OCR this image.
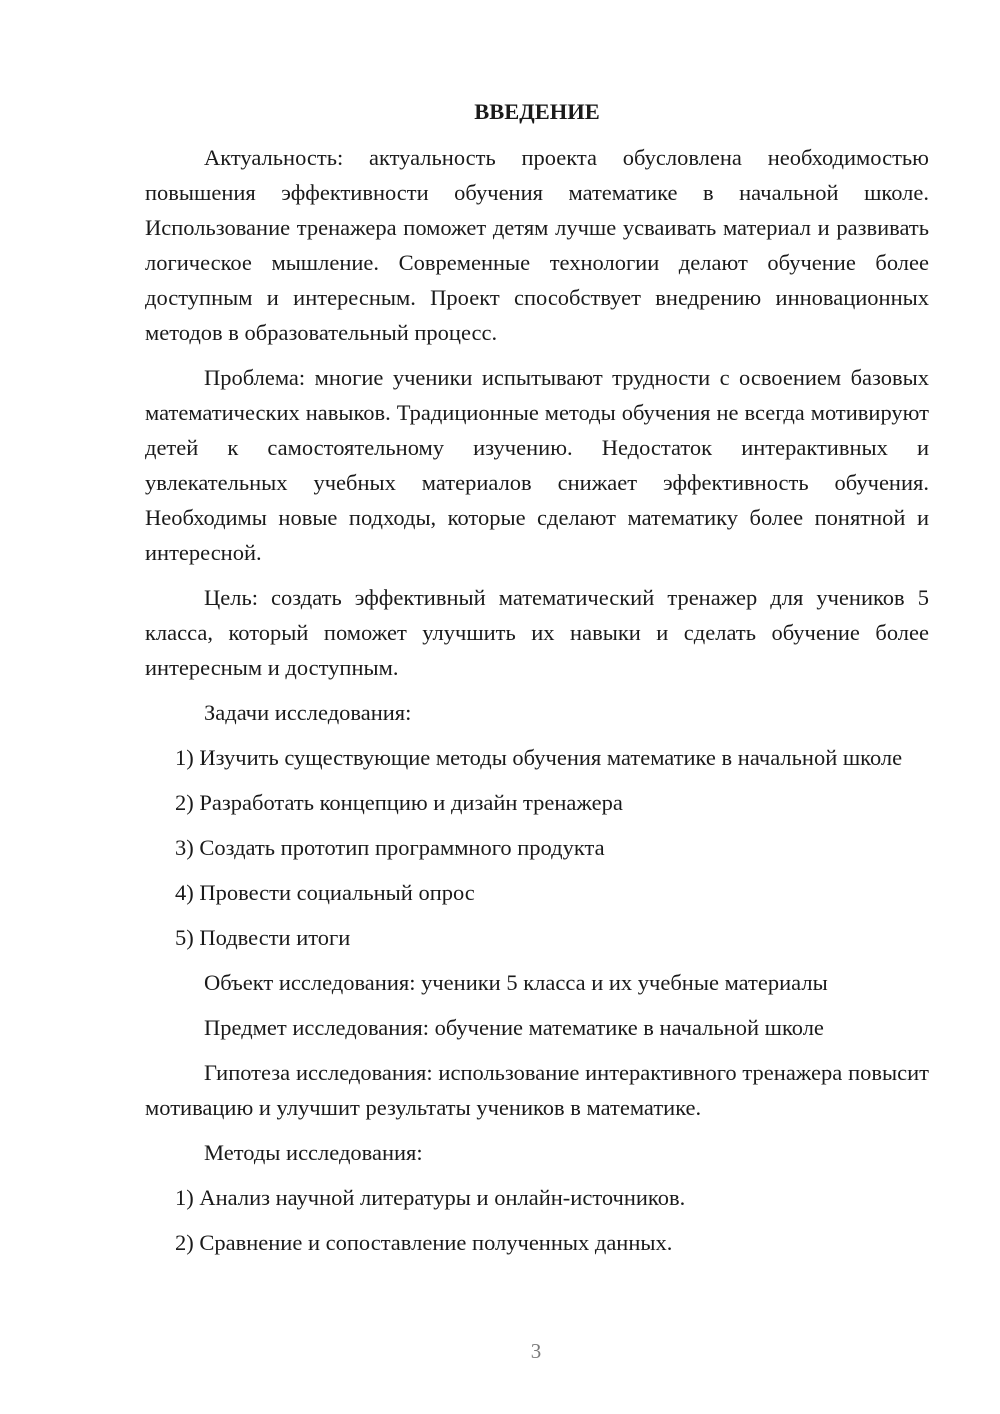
ВВЕДЕНИЕ

Актуальность: актуальность проекта обусловлена необходимостью повышения эффективности обучения математике в начальной школе. Использование тренажера поможет детям лучше усваивать материал и развивать логическое мышление. Современные технологии делают обучение более доступным и интересным. Проект способствует внедрению инновационных методов в образовательный процесс.

Проблема: многие ученики испытывают трудности с освоением базовых математических навыков. Традиционные методы обучения не всегда мотивируют детей к самостоятельному изучению. Недостаток интерактивных и увлекательных учебных материалов снижает эффективность обучения. Необходимы новые подходы, которые сделают математику более понятной и интересной.

Цель: создать эффективный математический тренажер для учеников 5 класса, который поможет улучшить их навыки и сделать обучение более интересным и доступным.

Задачи исследования:
1) Изучить существующие методы обучения математике в начальной школе
2) Разработать концепцию и дизайн тренажера
3) Создать прототип программного продукта
4) Провести социальный опрос
5) Подвести итоги
Объект исследования: ученики 5 класса и их учебные материалы
Предмет исследования: обучение математике в начальной школе

Гипотеза исследования: использование интерактивного тренажера повысит мотивацию и улучшит результаты учеников в математике.

Методы исследования:
1) Анализ научной литературы и онлайн-источников.
2) Сравнение и сопоставление полученных данных.
3
